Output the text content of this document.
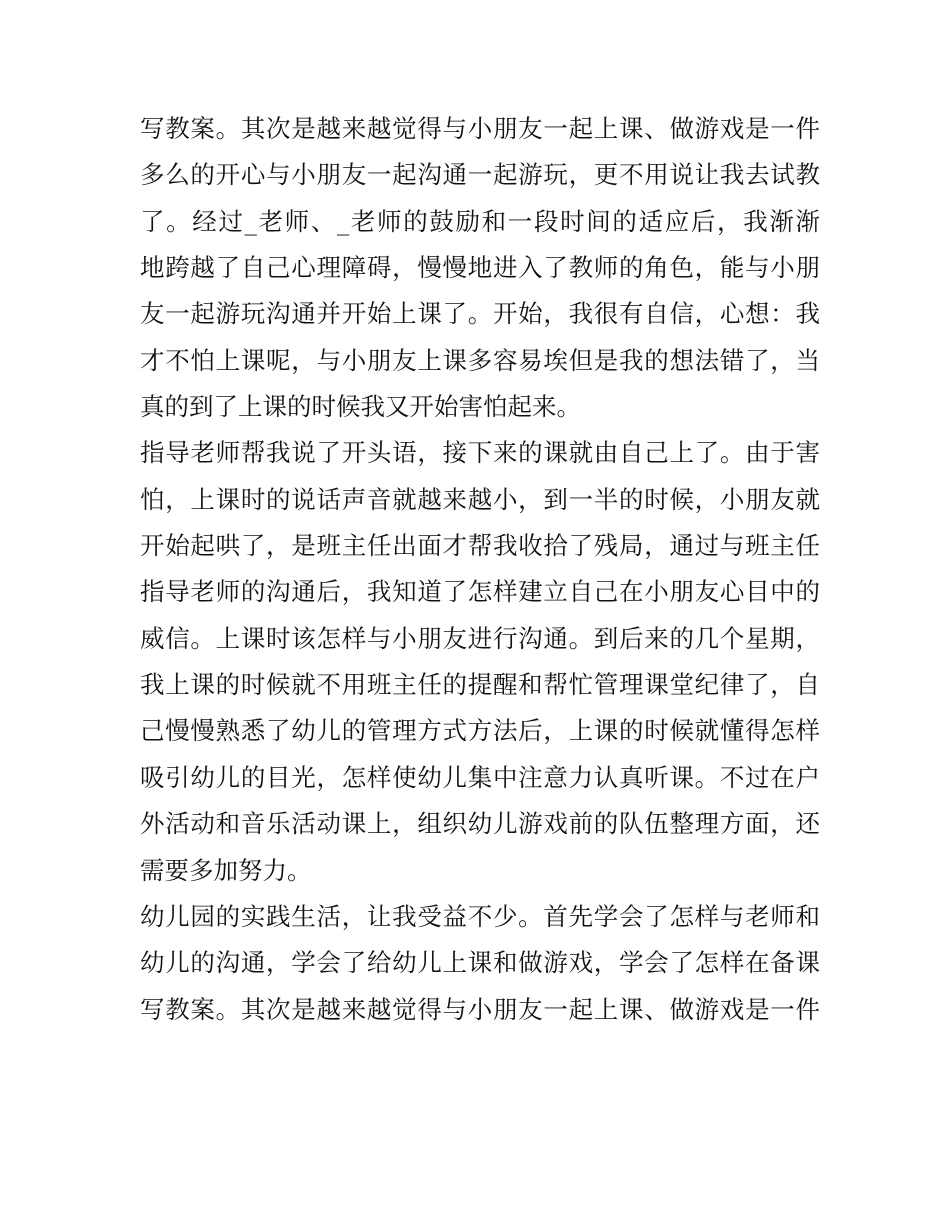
写教案。其次是越来越觉得与小朋友一起上课、做游戏是一件
多么的开心与小朋友一起沟通一起游玩，更不用说让我去试教
了。经过_老师、_老师的鼓励和一段时间的适应后，我渐渐
地跨越了自己心理障碍，慢慢地进入了教师的角色，能与小朋
友一起游玩沟通并开始上课了。开始，我很有自信，心想：我
才不怕上课呢，与小朋友上课多容易埃但是我的想法错了，当
真的到了上课的时候我又开始害怕起来。
指导老师帮我说了开头语，接下来的课就由自己上了。由于害
怕，上课时的说话声音就越来越小，到一半的时候，小朋友就
开始起哄了，是班主任出面才帮我收拾了残局，通过与班主任
指导老师的沟通后，我知道了怎样建立自己在小朋友心目中的
威信。上课时该怎样与小朋友进行沟通。到后来的几个星期，
我上课的时候就不用班主任的提醒和帮忙管理课堂纪律了，自
己慢慢熟悉了幼儿的管理方式方法后，上课的时候就懂得怎样
吸引幼儿的目光，怎样使幼儿集中注意力认真听课。不过在户
外活动和音乐活动课上，组织幼儿游戏前的队伍整理方面，还
需要多加努力。
幼儿园的实践生活，让我受益不少。首先学会了怎样与老师和
幼儿的沟通，学会了给幼儿上课和做游戏，学会了怎样在备课
写教案。其次是越来越觉得与小朋友一起上课、做游戏是一件
